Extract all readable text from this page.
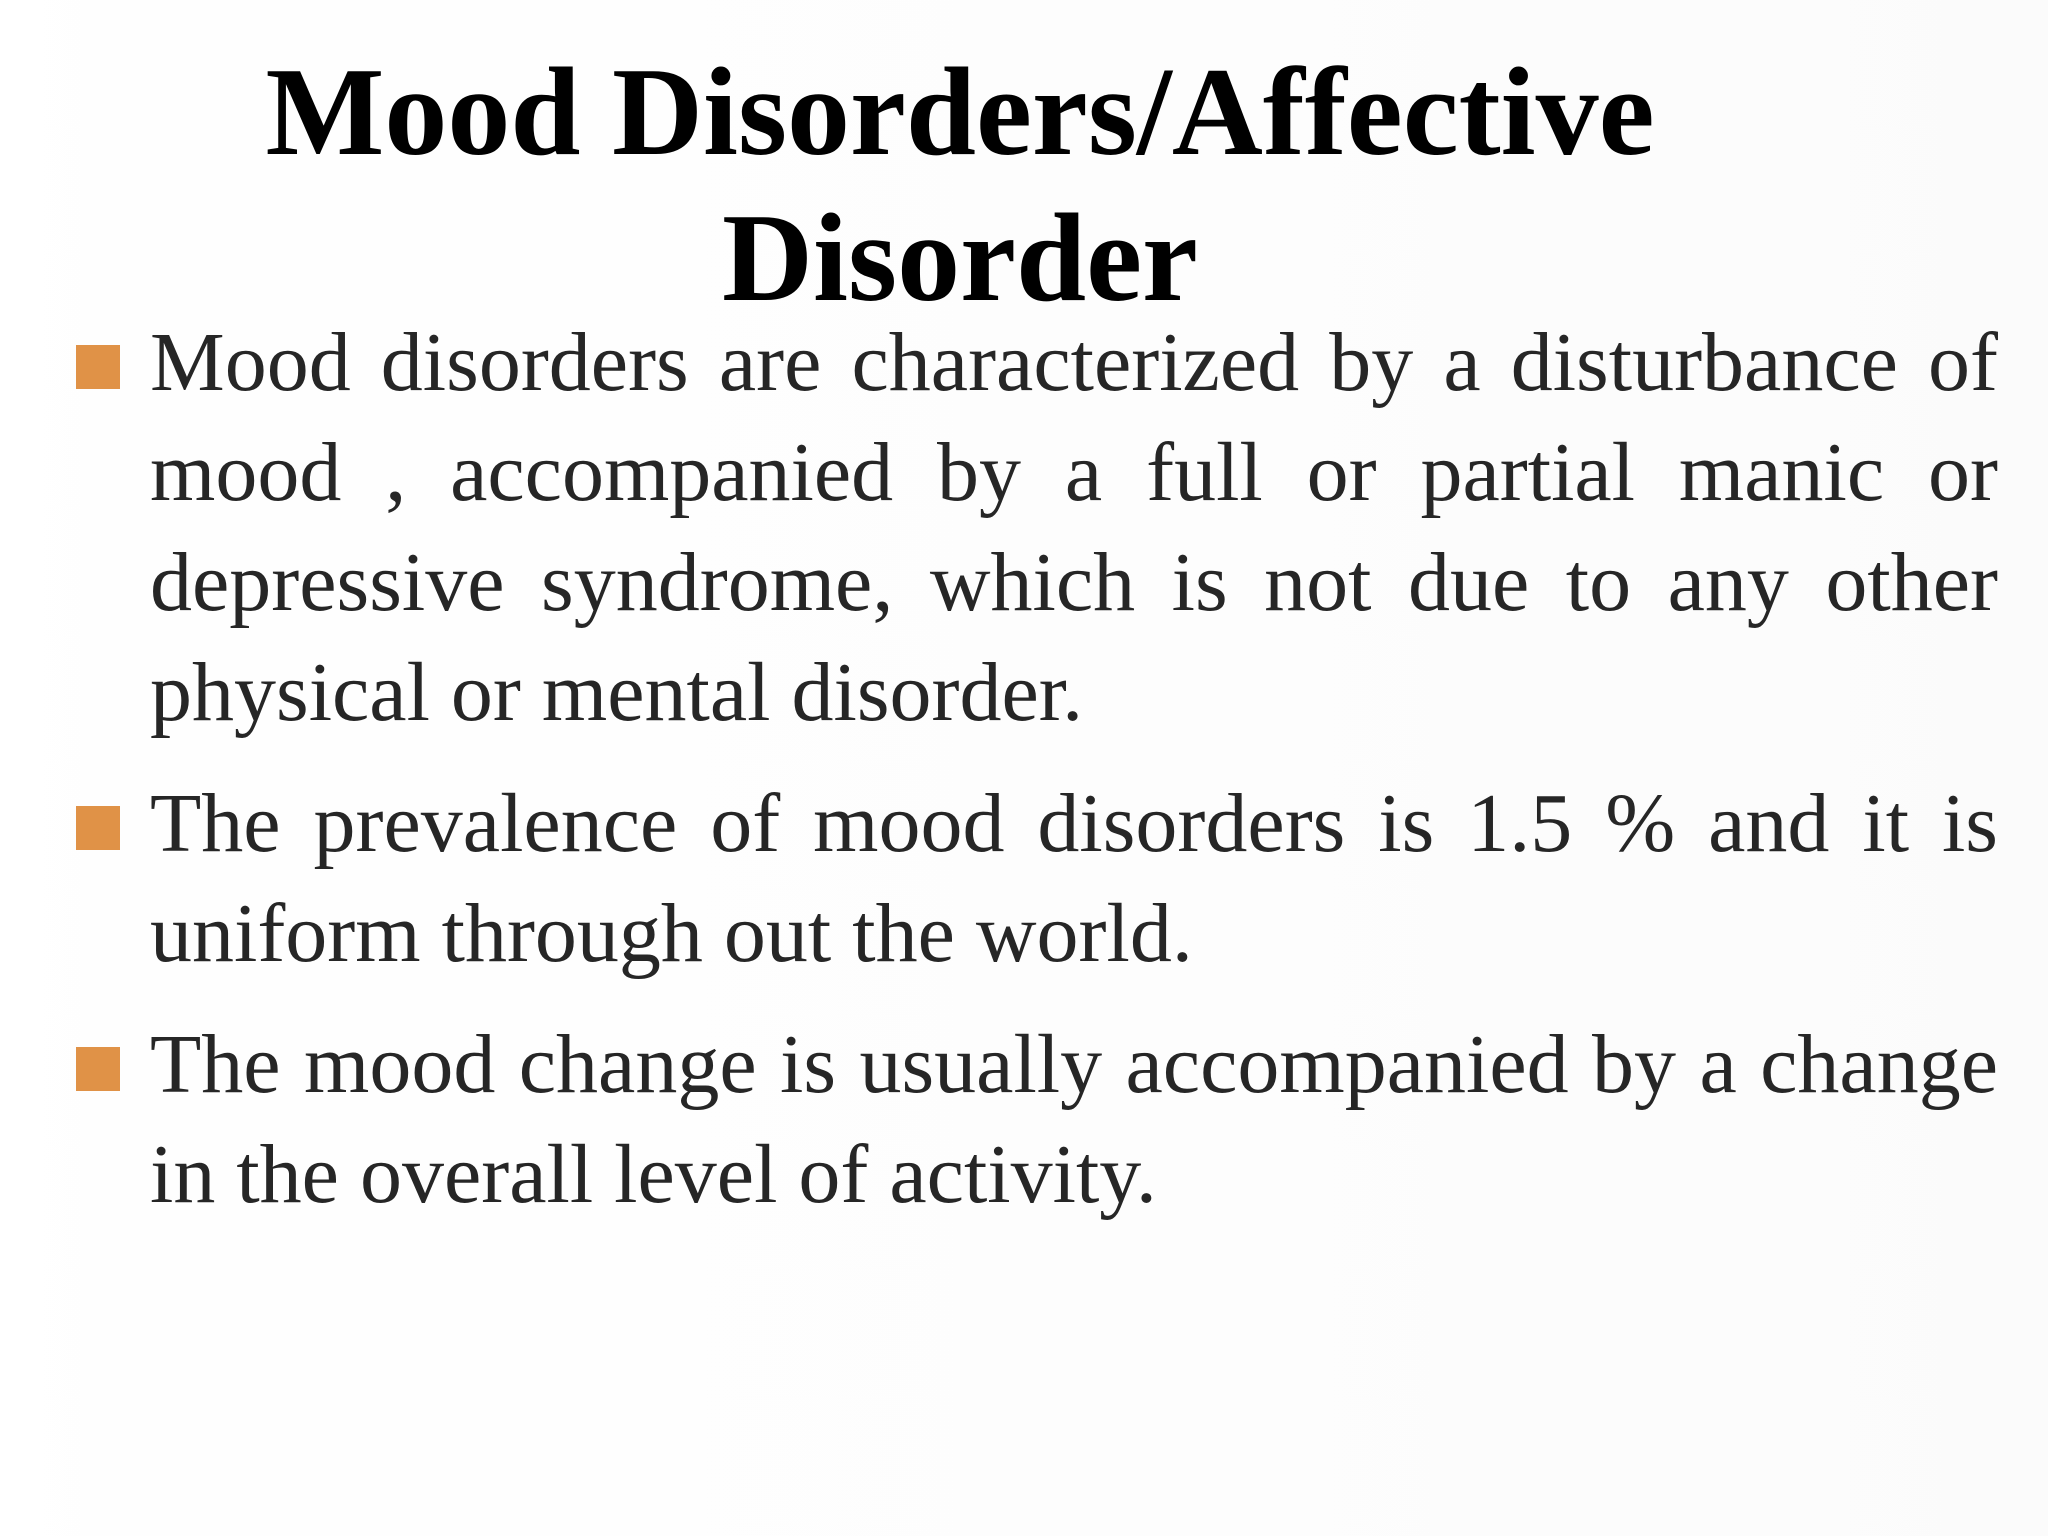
Mood Disorders/Affective
Disorder
Mood disorders are characterized by a disturbance of mood , accompanied by a full or partial manic or depressive syndrome, which is not due to any other physical or mental disorder.
The prevalence of mood disorders is 1.5 % and it is uniform through out the world.
The mood change is usually accompanied by a change in the overall level of activity.
